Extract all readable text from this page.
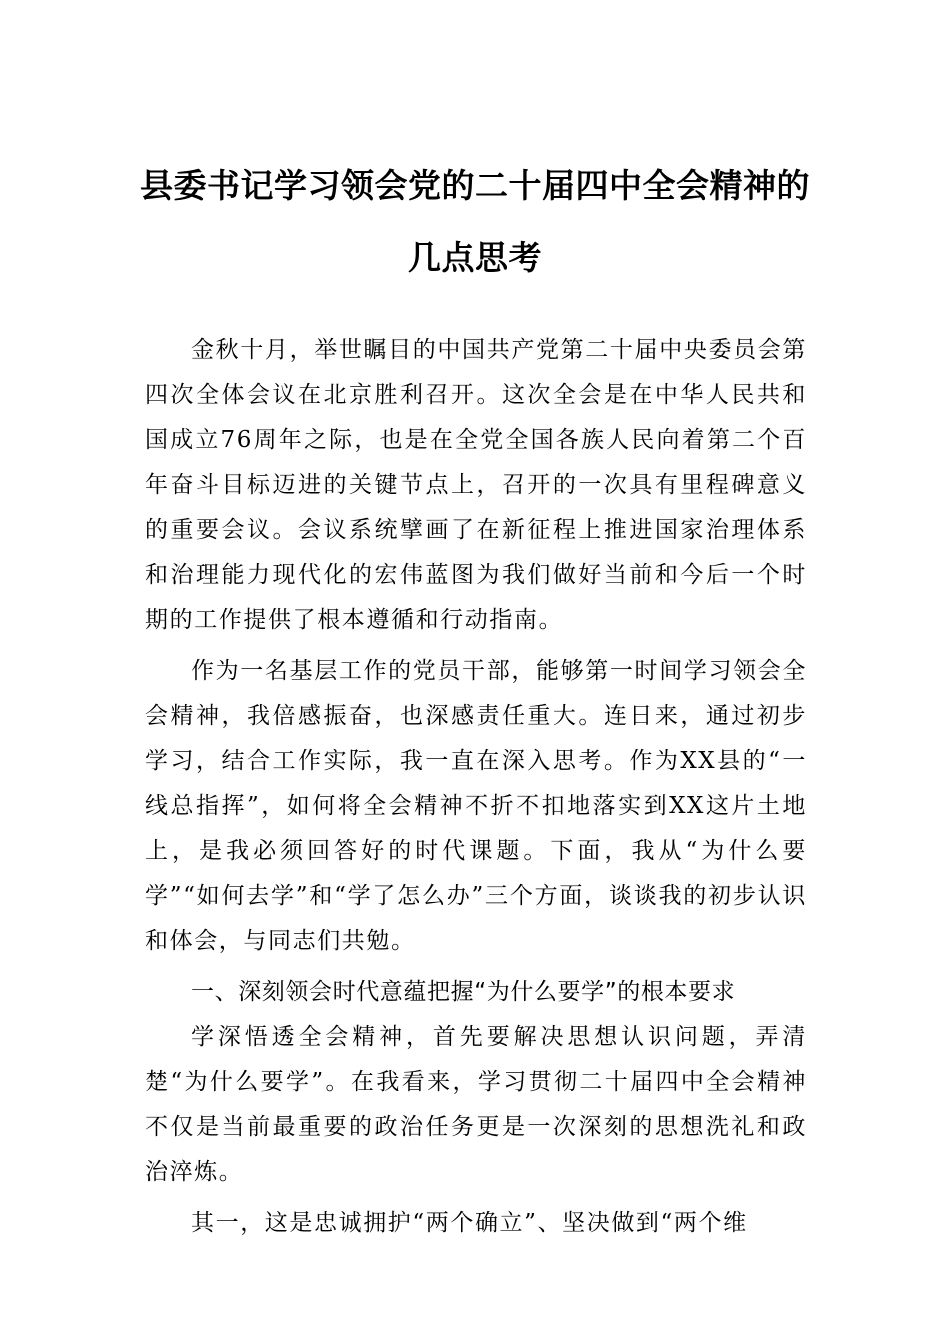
县委书记学习领会党的二十届四中全会精神的几点思考

金秋十月，举世瞩目的中国共产党第二十届中央委员会第四次全体会议在北京胜利召开。这次全会是在中华人民共和国成立76周年之际，也是在全党全国各族人民向着第二个百年奋斗目标迈进的关键节点上，召开的一次具有里程碑意义的重要会议。会议系统擘画了在新征程上推进国家治理体系和治理能力现代化的宏伟蓝图为我们做好当前和今后一个时期的工作提供了根本遵循和行动指南。

作为一名基层工作的党员干部，能够第一时间学习领会全会精神，我倍感振奋，也深感责任重大。连日来，通过初步学习，结合工作实际，我一直在深入思考。作为XX县的“一线总指挥”，如何将全会精神不折不扣地落实到XX这片土地上，是我必须回答好的时代课题。下面，我从“为什么要学”“如何去学”和“学了怎么办”三个方面，谈谈我的初步认识和体会，与同志们共勉。

一、深刻领会时代意蕴把握“为什么要学”的根本要求

学深悟透全会精神，首先要解决思想认识问题，弄清楚“为什么要学”。在我看来，学习贯彻二十届四中全会精神不仅是当前最重要的政治任务更是一次深刻的思想洗礼和政治淬炼。

其一，这是忠诚拥护“两个确立”、坚决做到“两个维
